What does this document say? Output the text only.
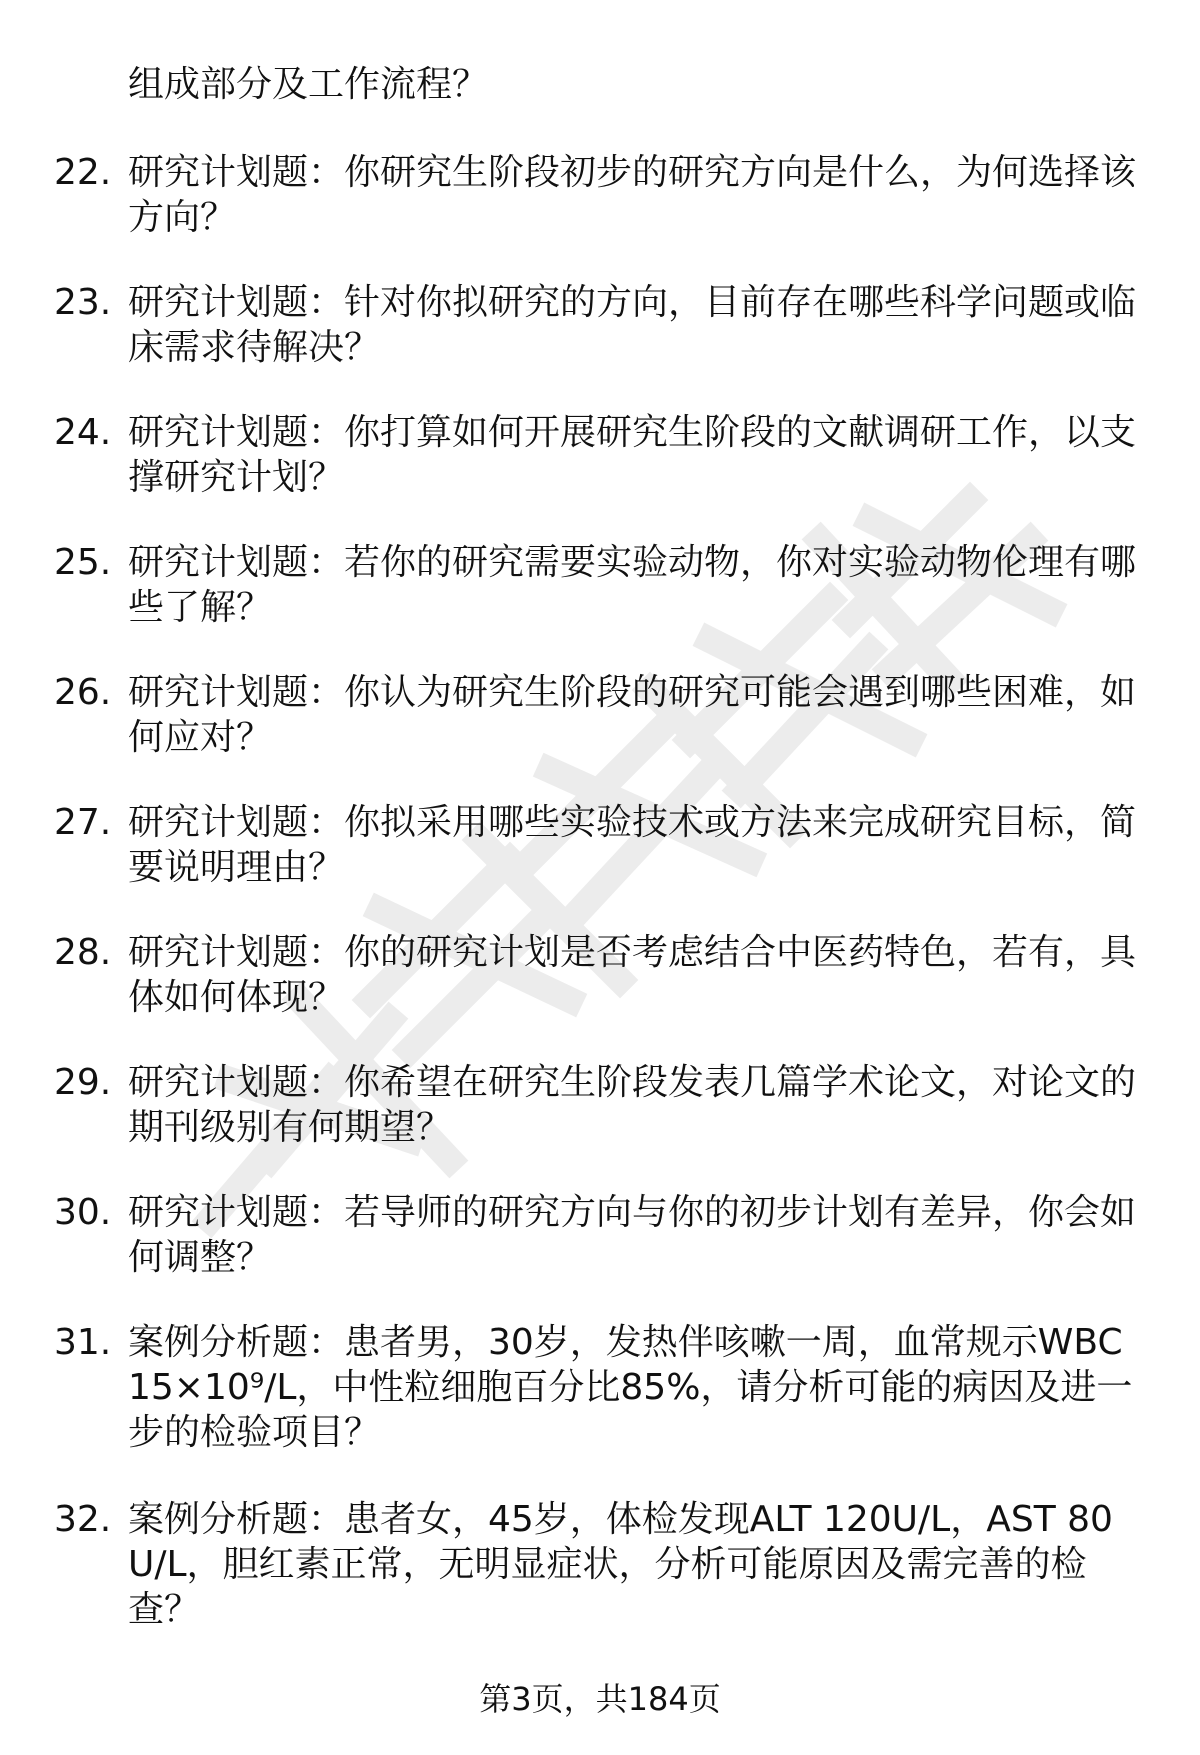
组成部分及工作流程？
22. 研究计划题：你研究生阶段初步的研究方向是什么，为何选择该方向？
23. 研究计划题：针对你拟研究的方向，目前存在哪些科学问题或临床需求待解决？
24. 研究计划题：你打算如何开展研究生阶段的文献调研工作，以支撑研究计划？
25. 研究计划题：若你的研究需要实验动物，你对实验动物伦理有哪些了解？
26. 研究计划题：你认为研究生阶段的研究可能会遇到哪些困难，如何应对？
27. 研究计划题：你拟采用哪些实验技术或方法来完成研究目标，简要说明理由？
28. 研究计划题：你的研究计划是否考虑结合中医药特色，若有，具体如何体现？
29. 研究计划题：你希望在研究生阶段发表几篇学术论文，对论文的期刊级别有何期望？
30. 研究计划题：若导师的研究方向与你的初步计划有差异，你会如何调整？
31. 案例分析题：患者男，30岁，发热伴咳嗽一周，血常规示WBC 15×10⁹/L，中性粒细胞百分比85%，请分析可能的病因及进一步的检验项目？
32. 案例分析题：患者女，45岁，体检发现ALT 120U/L，AST 80U/L，胆红素正常，无明显症状，分析可能原因及需完善的检查？
第3页，共184页
